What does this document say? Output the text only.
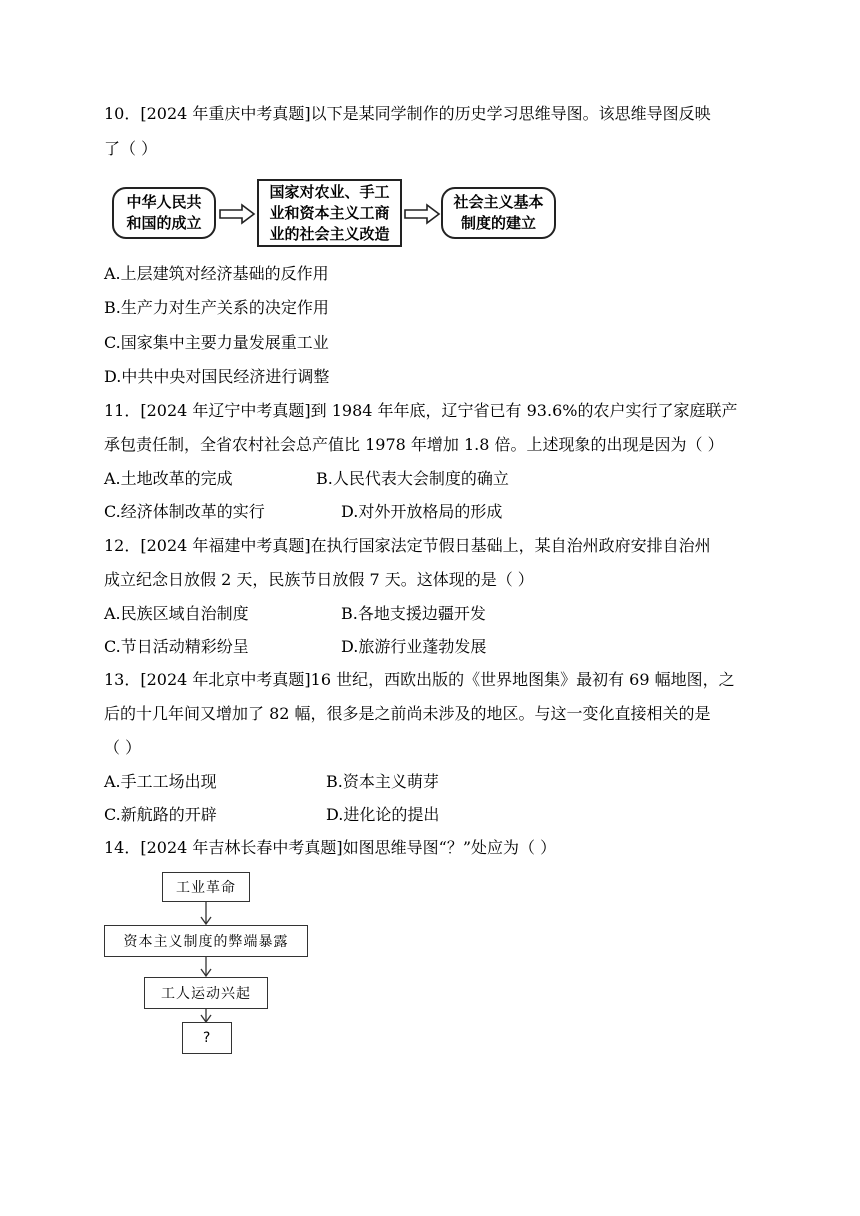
10．[2024 年重庆中考真题]以下是某同学制作的历史学习思维导图。该思维导图反映
了（ ）
中华人民共
和国的成立
国家对农业、手工
业和资本主义工商
业的社会主义改造
社会主义基本
制度的建立
A.上层建筑对经济基础的反作用
B.生产力对生产关系的决定作用
C.国家集中主要力量发展重工业
D.中共中央对国民经济进行调整
11．[2024 年辽宁中考真题]到 1984 年年底，辽宁省已有 93.6%的农户实行了家庭联产
承包责任制，全省农村社会总产值比 1978 年增加 1.8 倍。上述现象的出现是因为（ ）
A.土地改革的完成	B.人民代表大会制度的确立
C.经济体制改革的实行	D.对外开放格局的形成
12．[2024 年福建中考真题]在执行国家法定节假日基础上，某自治州政府安排自治州
成立纪念日放假 2 天，民族节日放假 7 天。这体现的是（ ）
A.民族区域自治制度	B.各地支援边疆开发
C.节日活动精彩纷呈	D.旅游行业蓬勃发展
13．[2024 年北京中考真题]16 世纪，西欧出版的《世界地图集》最初有 69 幅地图，之
后的十几年间又增加了 82 幅，很多是之前尚未涉及的地区。与这一变化直接相关的是
（ ）
A.手工工场出现	B.资本主义萌芽
C.新航路的开辟	D.进化论的提出
14．[2024 年吉林长春中考真题]如图思维导图“？”处应为（ ）
工业革命
资本主义制度的弊端暴露
工人运动兴起
?
